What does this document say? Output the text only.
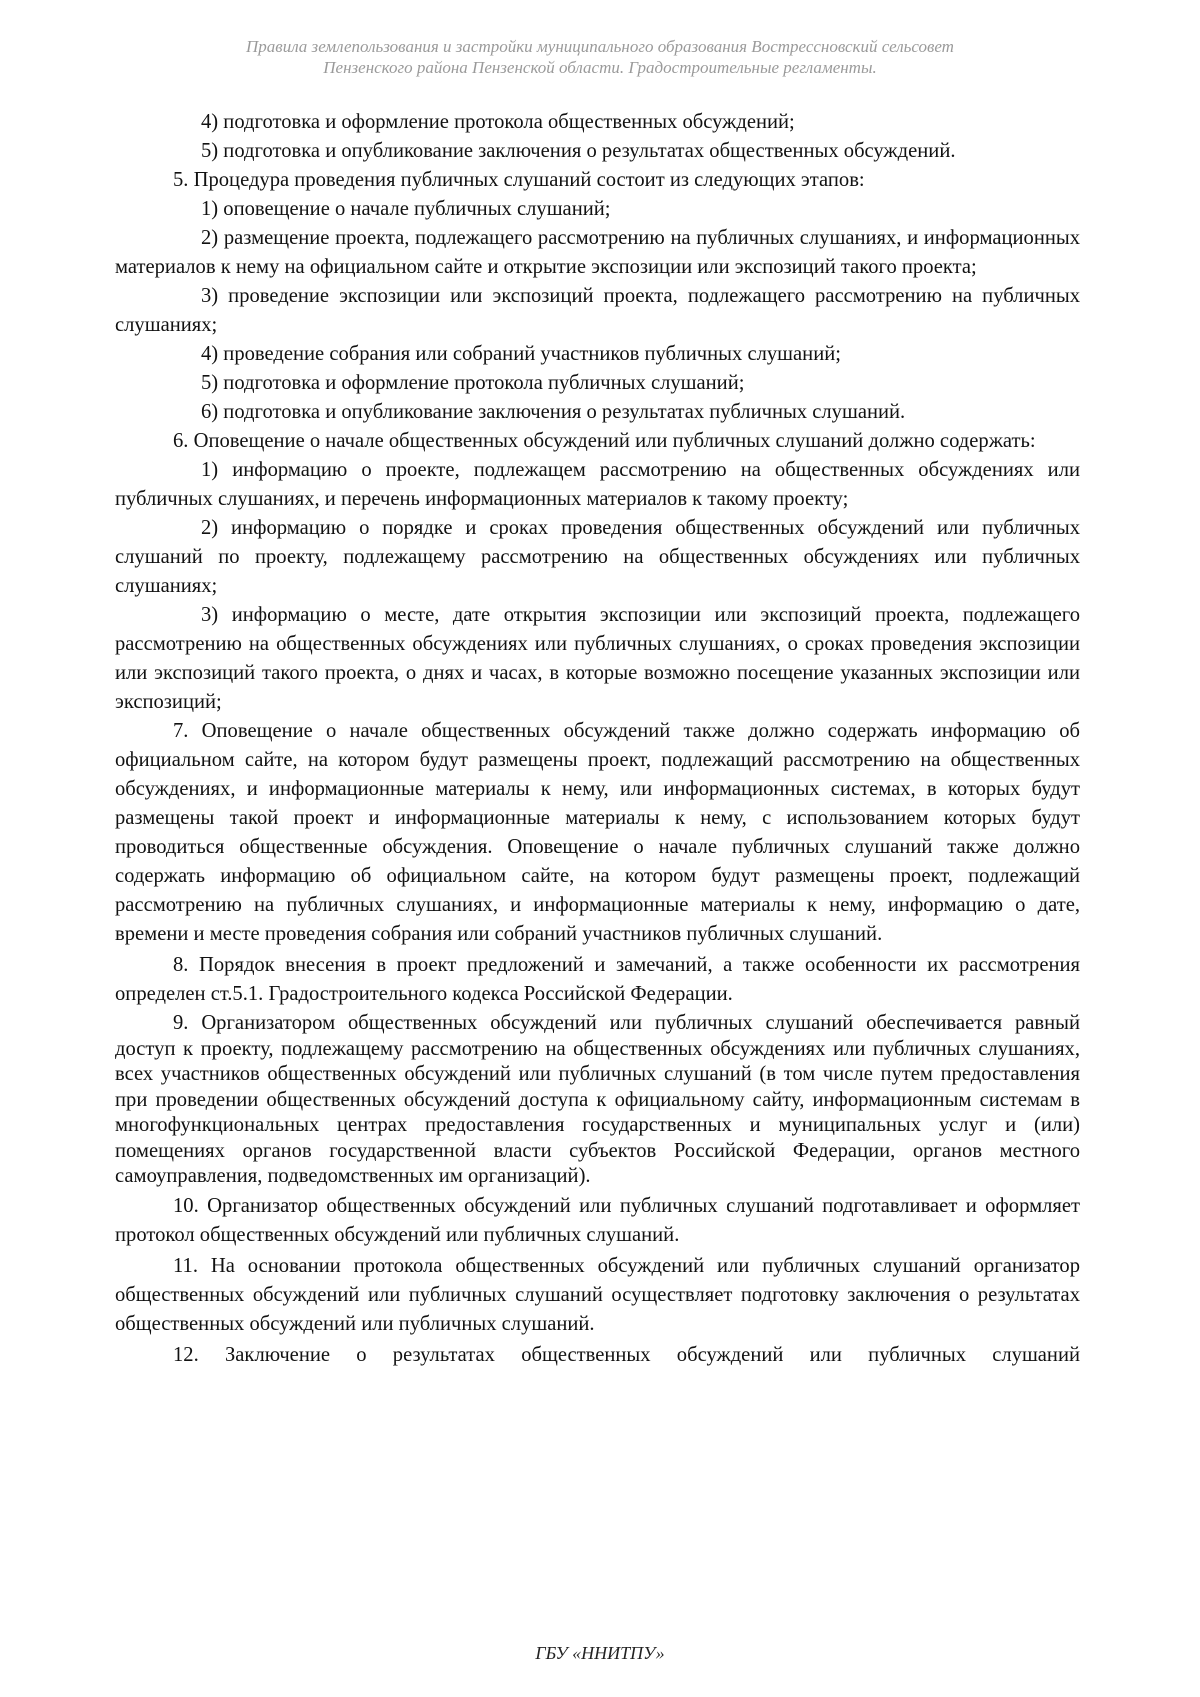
Правила землепользования и застройки муниципального образования Вострессновский сельсовет
Пензенского района Пензенской области. Градостроительные регламенты.

4) подготовка и оформление протокола общественных обсуждений;

5) подготовка и опубликование заключения о результатах общественных обсуждений.

5. Процедура проведения публичных слушаний состоит из следующих этапов:

1) оповещение о начале публичных слушаний;

2) размещение проекта, подлежащего рассмотрению на публичных слушаниях, и информационных материалов к нему на официальном сайте и открытие экспозиции или экспозиций такого проекта;

3) проведение экспозиции или экспозиций проекта, подлежащего рассмотрению на публичных слушаниях;

4) проведение собрания или собраний участников публичных слушаний;

5) подготовка и оформление протокола публичных слушаний;

6) подготовка и опубликование заключения о результатах публичных слушаний.

6. Оповещение о начале общественных обсуждений или публичных слушаний должно содержать:

1) информацию о проекте, подлежащем рассмотрению на общественных обсуждениях или публичных слушаниях, и перечень информационных материалов к такому проекту;

2) информацию о порядке и сроках проведения общественных обсуждений или публичных слушаний по проекту, подлежащему рассмотрению на общественных обсуждениях или публичных слушаниях;

3) информацию о месте, дате открытия экспозиции или экспозиций проекта, подлежащего рассмотрению на общественных обсуждениях или публичных слушаниях, о сроках проведения экспозиции или экспозиций такого проекта, о днях и часах, в которые возможно посещение указанных экспозиции или экспозиций;

7. Оповещение о начале общественных обсуждений также должно содержать информацию об официальном сайте, на котором будут размещены проект, подлежащий рассмотрению на общественных обсуждениях, и информационные материалы к нему, или информационных системах, в которых будут размещены такой проект и информационные материалы к нему, с использованием которых будут проводиться общественные обсуждения. Оповещение о начале публичных слушаний также должно содержать информацию об официальном сайте, на котором будут размещены проект, подлежащий рассмотрению на публичных слушаниях, и информационные материалы к нему, информацию о дате, времени и месте проведения собрания или собраний участников публичных слушаний.

8. Порядок внесения в проект предложений и замечаний, а также особенности их рассмотрения определен ст.5.1. Градостроительного кодекса Российской Федерации.

9. Организатором общественных обсуждений или публичных слушаний обеспечивается равный доступ к проекту, подлежащему рассмотрению на общественных обсуждениях или публичных слушаниях, всех участников общественных обсуждений или публичных слушаний (в том числе путем предоставления при проведении общественных обсуждений доступа к официальному сайту, информационным системам в многофункциональных центрах предоставления государственных и муниципальных услуг и (или) помещениях органов государственной власти субъектов Российской Федерации, органов местного самоуправления, подведомственных им организаций).

10. Организатор общественных обсуждений или публичных слушаний подготавливает и оформляет протокол общественных обсуждений или публичных слушаний.

11. На основании протокола общественных обсуждений или публичных слушаний организатор общественных обсуждений или публичных слушаний осуществляет подготовку заключения о результатах общественных обсуждений или публичных слушаний.

12. Заключение о результатах общественных обсуждений или публичных слушаний

ГБУ «ННИТПУ»
